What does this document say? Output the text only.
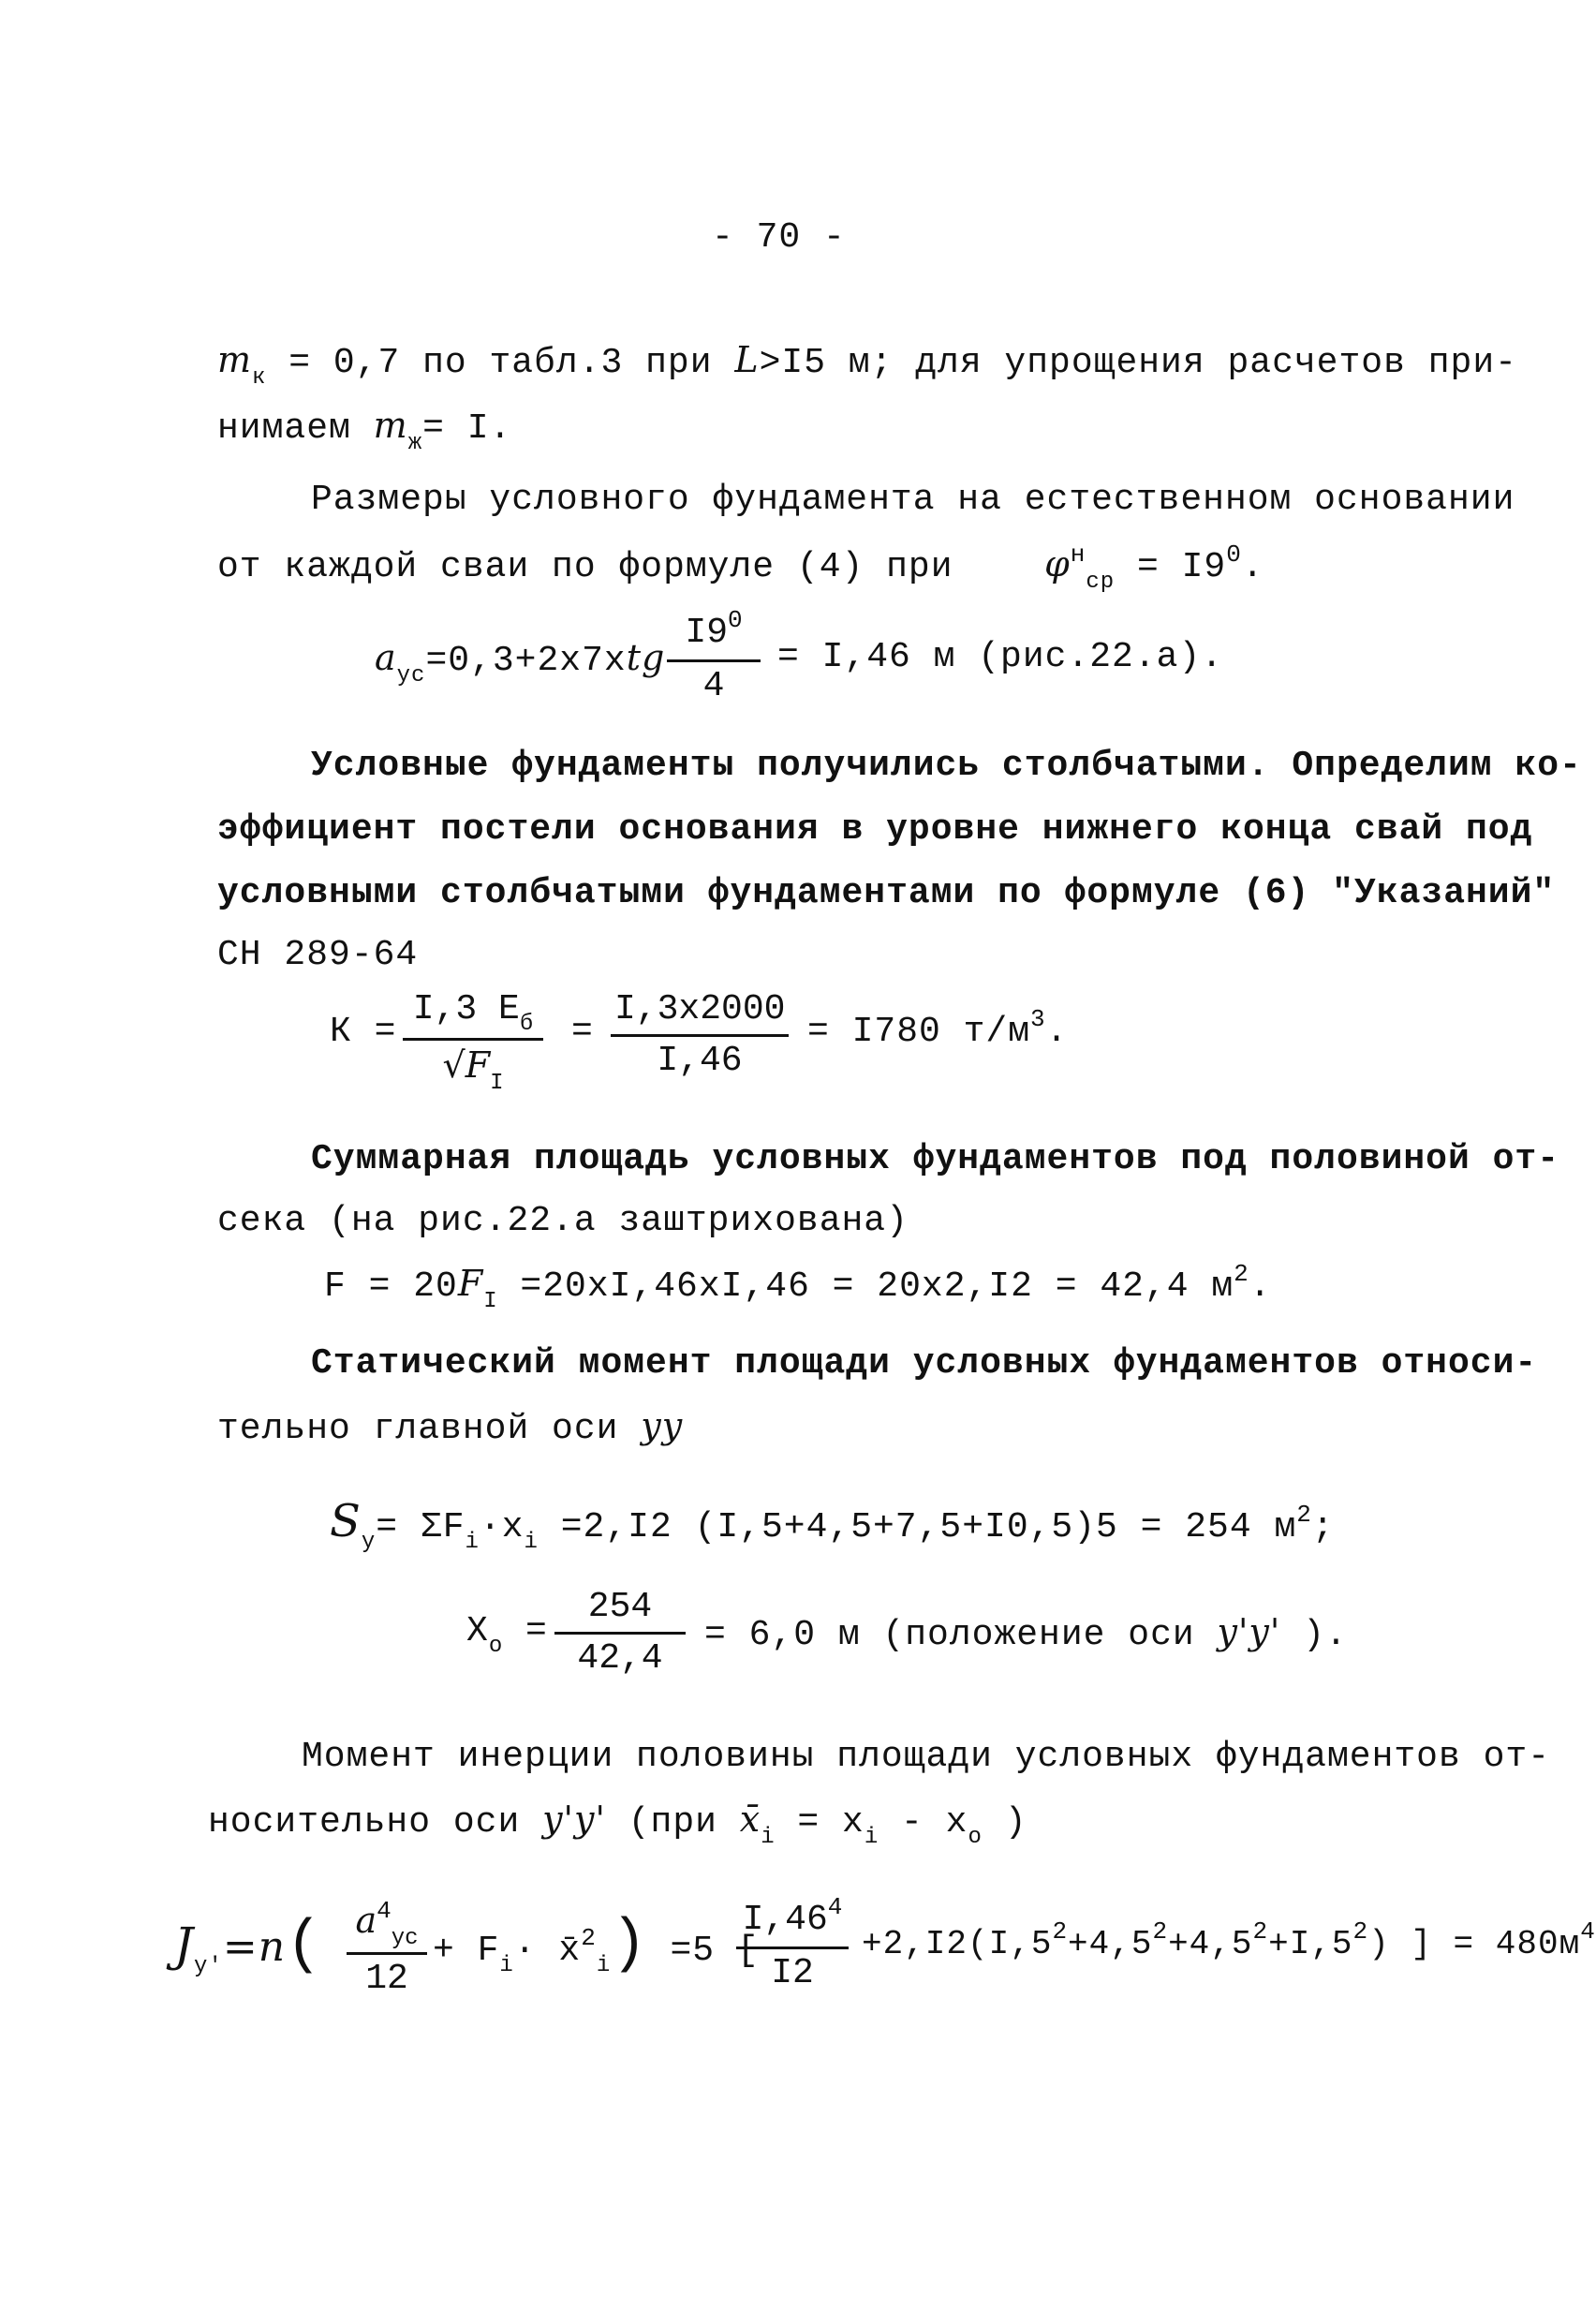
- 70 -
$m_к = 0,7$ по табл.3 при L>I5 м; для упрощения расчетов при-
нимаем $m_ж= I$.
Размеры условного фундамента на естественном основании
от каждой сваи по формуле (4) при	$\varphi^н_{ср} = I9^0$.
$a_{ус}=0,3+2x7xtg \frac{I9^0}{4} = I,46$ м (рис.22.а).
Условные фундаменты получились столбчатыми. Определим ко-
эффициент постели основания в уровне нижнего конца свай под
условными столбчатыми фундаментами по формуле (6) "Указаний"
СН 289-64
К =
I,3 $E_б$
$√F_I$
= $\frac{I,3x2000}{I,46} = I780$ $т/м^3$.
Суммарная площадь условных фундаментов под половиной от-
сека (на рис.22.а заштрихована)
$F = 20F_I =20xI,46xI,46 = 20x2,I2 = 42,4$ $м^2$.
Статический момент площади условных фундаментов относи-
тельно главной оси yy
$S_y= \Sigma F_i\cdot x_i =2,I2$ (I,5+4,5+7,5+I0,5)5 = 254 $м^2$;
$X_o = \frac{254}{42,4} = 6,0$ м (положение оси y'y' ).
Момент инерции половины площади условных фундаментов от-
носительно оси y'y' (при $x̄_i = x_i - x_o$ )
$J_{y'}=n$( $a^4_{ус}$
12
+ $F_i\cdot$ x̄$^2_i$) =5 [
$\frac{I,46^4}{I2} +2,I2(I,5^2+4,5^2+4,5^2+I,5^2)$ ] = $480м^4$
